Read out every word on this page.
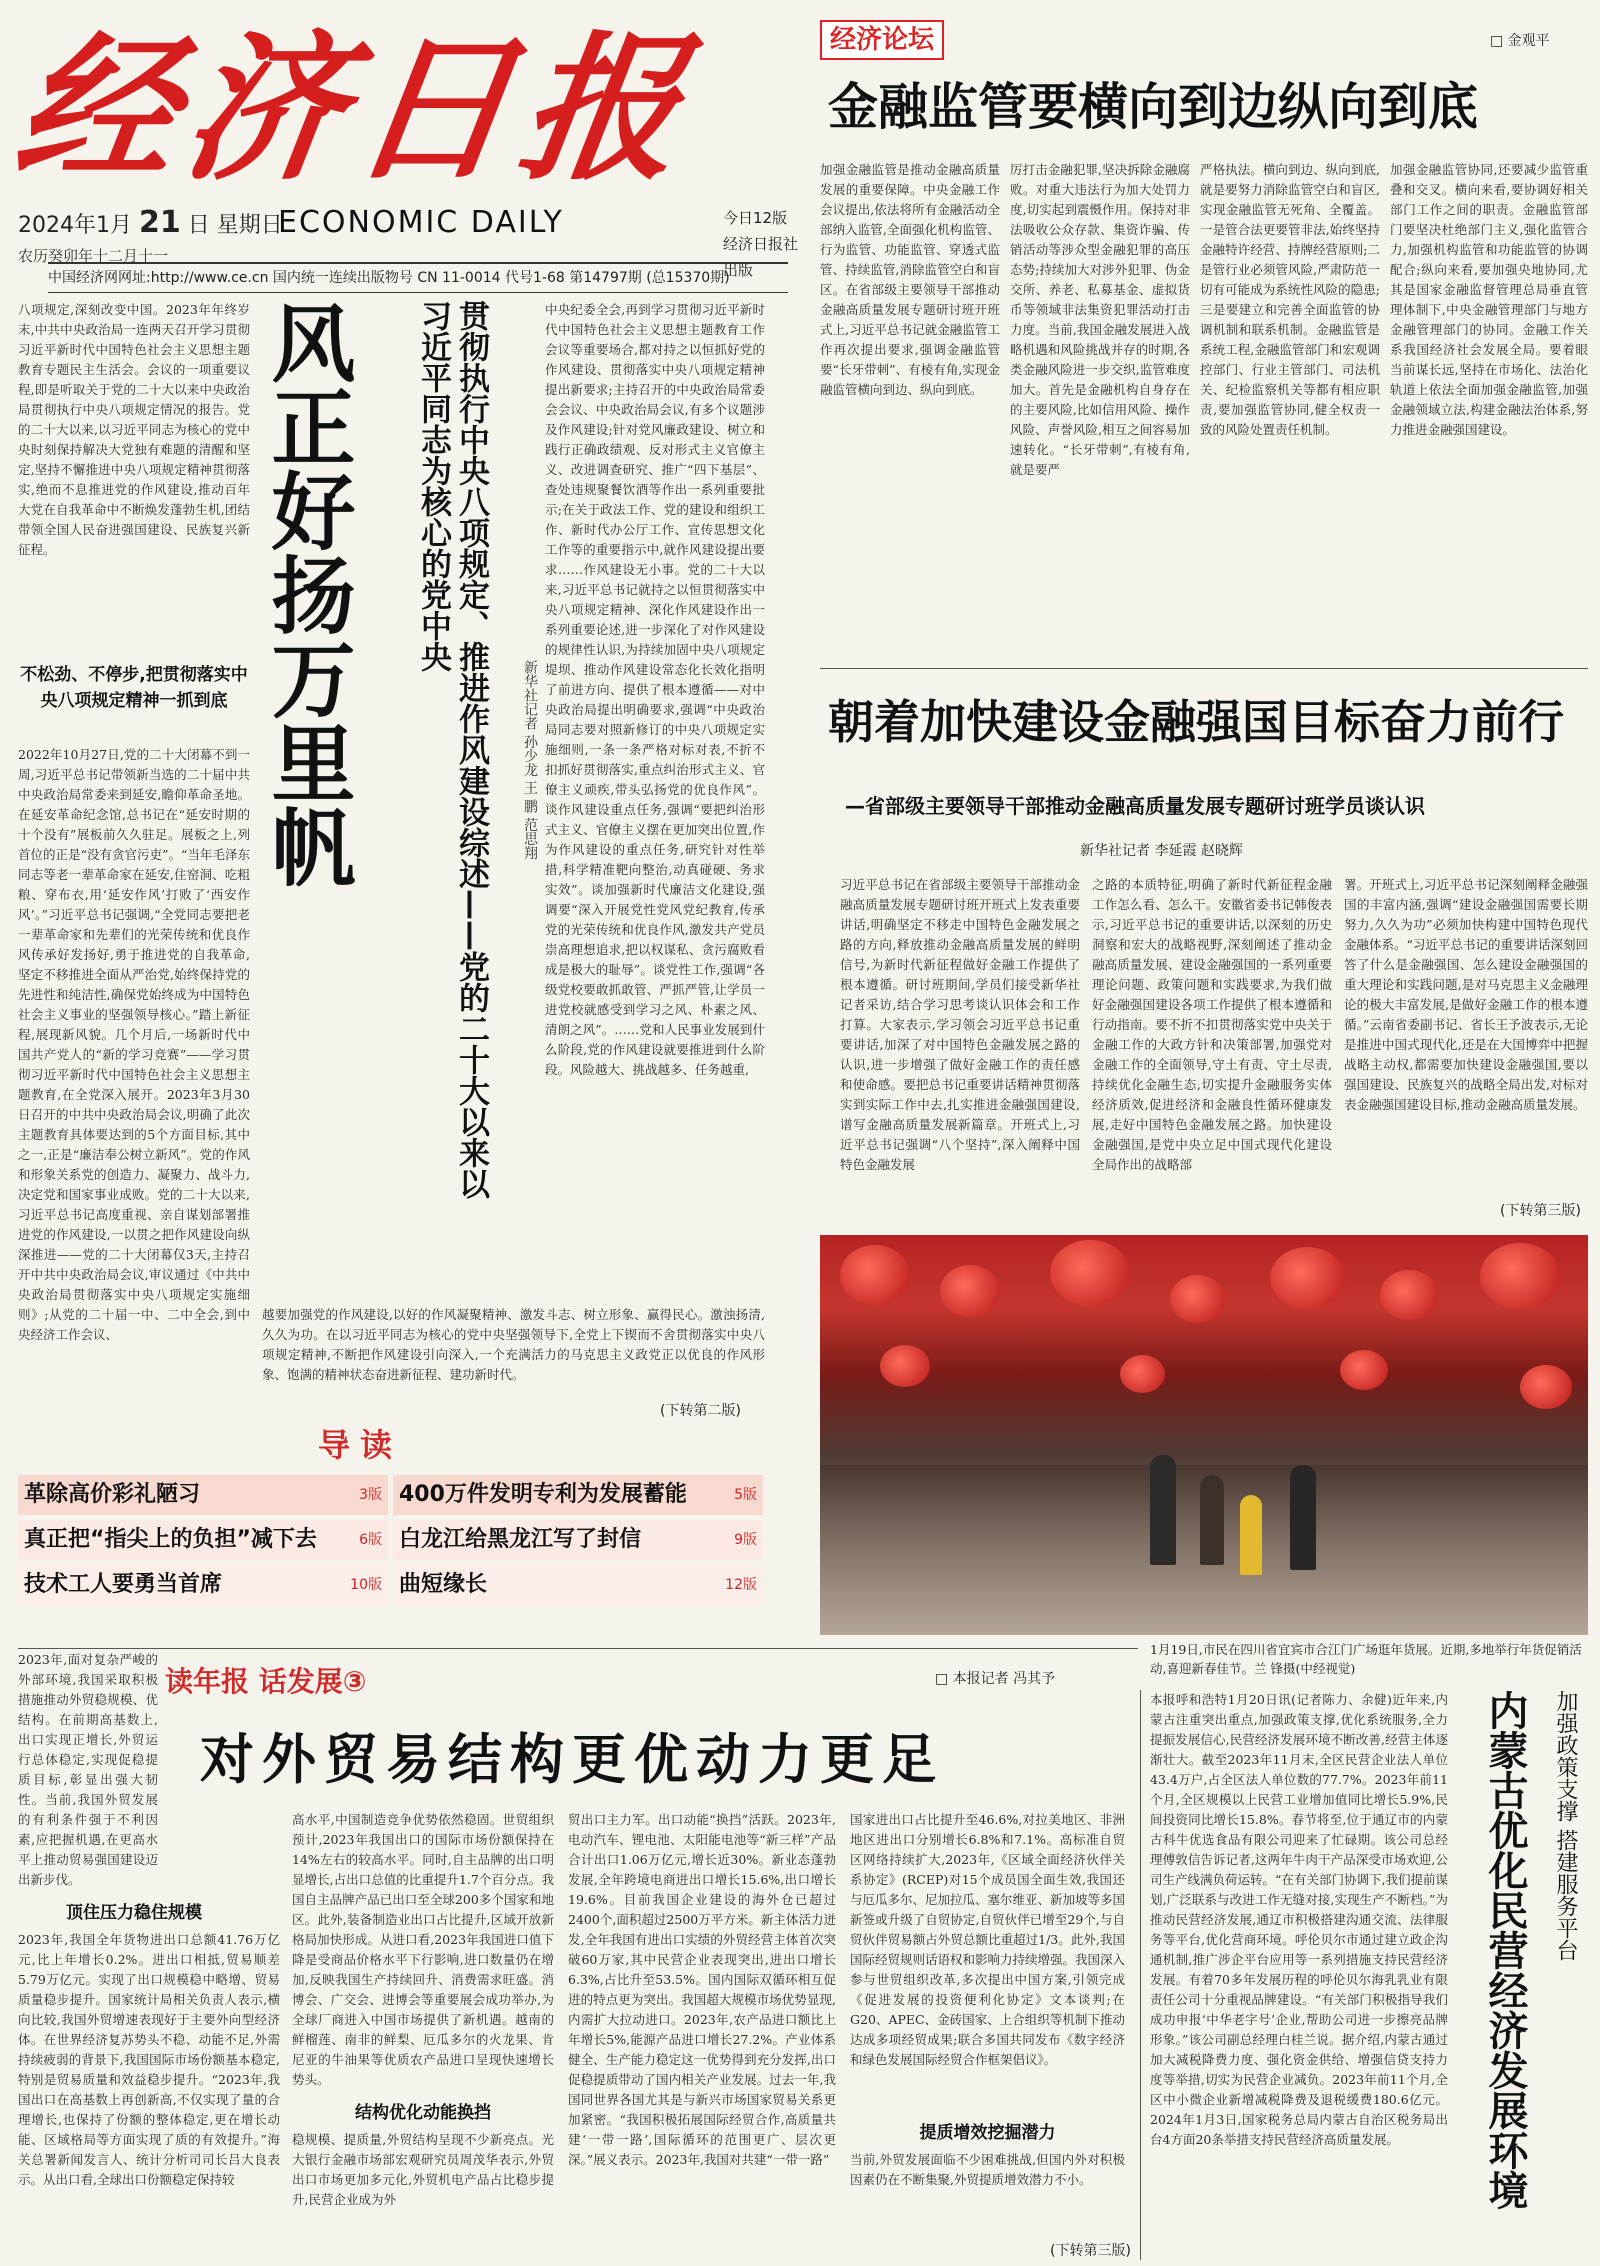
经济日报
2024年1月 21 日 星期日
农历癸卯年十二月十一
ECONOMIC DAILY	今日12版
经济日报社出版
中国经济网网址:http://www.ce.cn 国内统一连续出版物号 CN 11-0014 代号1-68 第14797期 (总15370期)
八项规定,深刻改变中国。2023年年终岁末,中共中央政治局一连两天召开学习贯彻习近平新时代中国特色社会主义思想主题教育专题民主生活会。会议的一项重要议程,即是听取关于党的二十大以来中央政治局贯彻执行中央八项规定情况的报告。党的二十大以来,以习近平同志为核心的党中央时刻保持解决大党独有难题的清醒和坚定,坚持不懈推进中央八项规定精神贯彻落实,绝而不息推进党的作风建设,推动百年大党在自我革命中不断焕发蓬勃生机,团结带领全国人民奋进强国建设、民族复兴新征程。
不松劲、不停步,把贯彻落实中央八项规定精神一抓到底
2022年10月27日,党的二十大闭幕不到一周,习近平总书记带领新当选的二十届中共中央政治局常委来到延安,瞻仰革命圣地。在延安革命纪念馆,总书记在“延安时期的十个没有”展板前久久驻足。展板之上,列首位的正是“没有贪官污吏”。“当年毛泽东同志等老一辈革命家在延安,住窑洞、吃粗粮、穿布衣,用‘延安作风’打败了‘西安作风’。”习近平总书记强调,“全党同志要把老一辈革命家和先辈们的光荣传统和优良作风传承好发扬好,勇于推进党的自我革命,坚定不移推进全面从严治党,始终保持党的先进性和纯洁性,确保党始终成为中国特色社会主义事业的坚强领导核心。”踏上新征程,展现新风貌。几个月后,一场新时代中国共产党人的“新的学习竞赛”——学习贯彻习近平新时代中国特色社会主义思想主题教育,在全党深入展开。2023年3月30日召开的中共中央政治局会议,明确了此次主题教育具体要达到的5个方面目标,其中之一,正是“廉洁奉公树立新风”。党的作风和形象关系党的创造力、凝聚力、战斗力,决定党和国家事业成败。党的二十大以来,习近平总书记高度重视、亲自谋划部署推进党的作风建设,一以贯之把作风建设向纵深推进——党的二十大闭幕仅3天,主持召开中共中央政治局会议,审议通过《中共中央政治局贯彻落实中央八项规定实施细则》;从党的二十届一中、二中全会,到中央经济工作会议、
风正好扬万里帆	贯彻执行中央八项规定、推进作风建设综述——党的二十大以来以习近平同志为核心的党中央
新华社记者 孙少龙 王 鹏 范思翔
中央纪委全会,再到学习贯彻习近平新时代中国特色社会主义思想主题教育工作会议等重要场合,都对持之以恒抓好党的作风建设、贯彻落实中央八项规定精神提出新要求;主持召开的中央政治局常委会会议、中央政治局会议,有多个议题涉及作风建设;针对党风廉政建设、树立和践行正确政绩观、反对形式主义官僚主义、改进调查研究、推广“四下基层”、查处违规聚餐饮酒等作出一系列重要批示;在关于政法工作、党的建设和组织工作、新时代办公厅工作、宣传思想文化工作等的重要指示中,就作风建设提出要求……作风建设无小事。党的二十大以来,习近平总书记就持之以恒贯彻落实中央八项规定精神、深化作风建设作出一系列重要论述,进一步深化了对作风建设的规律性认识,为持续加固中央八项规定堤坝、推动作风建设常态化长效化指明了前进方向、提供了根本遵循——对中央政治局提出明确要求,强调“中央政治局同志要对照新修订的中央八项规定实施细则,一条一条严格对标对表,不折不扣抓好贯彻落实,重点纠治形式主义、官僚主义顽疾,带头弘扬党的优良作风”。谈作风建设重点任务,强调“要把纠治形式主义、官僚主义摆在更加突出位置,作为作风建设的重点任务,研究针对性举措,科学精准靶向整治,动真碰硬、务求实效”。谈加强新时代廉洁文化建设,强调要“深入开展党性党风党纪教育,传承党的光荣传统和优良作风,激发共产党员崇高理想追求,把以权谋私、贪污腐败看成是极大的耻辱”。谈党性工作,强调“各级党校要敢抓敢管、严抓严管,让学员一进党校就感受到学习之风、朴素之风、清朗之风”。……党和人民事业发展到什么阶段,党的作风建设就要推进到什么阶段。风险越大、挑战越多、任务越重,
越要加强党的作风建设,以好的作风凝聚精神、激发斗志、树立形象、赢得民心。激浊扬清,久久为功。在以习近平同志为核心的党中央坚强领导下,全党上下锲而不舍贯彻落实中央八项规定精神,不断把作风建设引向深入,一个充满活力的马克思主义政党正以优良的作风形象、饱满的精神状态奋进新征程、建功新时代。
(下转第二版)
导读
革除高价彩礼陋习	3版 400万件发明专利为发展蓄能	5版
真正把“指尖上的负担”减下去	6版 白龙江给黑龙江写了封信	9版
技术工人要勇当首席	10版 曲短缘长	12版
经济论坛	□ 金观平
金融监管要横向到边纵向到底
加强金融监管是推动金融高质量发展的重要保障。中央金融工作会议提出,依法将所有金融活动全部纳入监管,全面强化机构监管、行为监管、功能监管、穿透式监管、持续监管,消除监管空白和盲区。在省部级主要领导干部推动金融高质量发展专题研讨班开班式上,习近平总书记就金融监管工作再次提出要求,强调金融监管要“长牙带刺”、有棱有角,实现金融监管横向到边、纵向到底。
厉打击金融犯罪,坚决拆除金融腐败。对重大违法行为加大处罚力度,切实起到震慑作用。保持对非法吸收公众存款、集资诈骗、传销活动等涉众型金融犯罪的高压态势;持续加大对涉外犯罪、伪金交所、养老、私募基金、虚拟货币等领域非法集资犯罪活动打击力度。当前,我国金融发展进入战略机遇和风险挑战并存的时期,各类金融风险进一步交织,监管难度加大。首先是金融机构自身存在的主要风险,比如信用风险、操作风险、声誉风险,相互之间容易加速转化。“长牙带刺”,有棱有角,就是要严
严格执法。横向到边、纵向到底,就是要努力消除监管空白和盲区,实现金融监管无死角、全覆盖。一是管合法更要管非法,始终坚持金融特许经营、持牌经营原则;二是管行业必须管风险,严肃防范一切有可能成为系统性风险的隐患;三是要建立和完善全面监管的协调机制和联系机制。金融监管是系统工程,金融监管部门和宏观调控部门、行业主管部门、司法机关、纪检监察机关等都有相应职责,要加强监管协同,健全权责一致的风险处置责任机制。
加强金融监管协同,还要减少监管重叠和交叉。横向来看,要协调好相关部门工作之间的职责。金融监管部门要坚决杜绝部门主义,强化监管合力,加强机构监管和功能监管的协调配合;纵向来看,要加强央地协同,尤其是国家金融监督管理总局垂直管理体制下,中央金融管理部门与地方金融管理部门的协同。金融工作关系我国经济社会发展全局。要着眼当前谋长远,坚持在市场化、法治化轨道上依法全面加强金融监管,加强金融领域立法,构建金融法治体系,努力推进金融强国建设。
朝着加快建设金融强国目标奋力前行
—省部级主要领导干部推动金融高质量发展专题研讨班学员谈认识
新华社记者 李延霞 赵晓辉
习近平总书记在省部级主要领导干部推动金融高质量发展专题研讨班开班式上发表重要讲话,明确坚定不移走中国特色金融发展之路的方向,释放推动金融高质量发展的鲜明信号,为新时代新征程做好金融工作提供了根本遵循。研讨班期间,学员们接受新华社记者采访,结合学习思考谈认识体会和工作打算。大家表示,学习领会习近平总书记重要讲话,加深了对中国特色金融发展之路的认识,进一步增强了做好金融工作的责任感和使命感。要把总书记重要讲话精神贯彻落实到实际工作中去,扎实推进金融强国建设,谱写金融高质量发展新篇章。开班式上,习近平总书记强调“八个坚持”,深入阐释中国特色金融发展
之路的本质特征,明确了新时代新征程金融工作怎么看、怎么干。安徽省委书记韩俊表示,习近平总书记的重要讲话,以深刻的历史洞察和宏大的战略视野,深刻阐述了推动金融高质量发展、建设金融强国的一系列重要理论问题、政策问题和实践要求,为我们做好金融强国建设各项工作提供了根本遵循和行动指南。要不折不扣贯彻落实党中央关于金融工作的大政方针和决策部署,加强党对金融工作的全面领导,守土有责、守土尽责,持续优化金融生态,切实提升金融服务实体经济质效,促进经济和金融良性循环健康发展,走好中国特色金融发展之路。加快建设金融强国,是党中央立足中国式现代化建设全局作出的战略部
署。开班式上,习近平总书记深刻阐释金融强国的丰富内涵,强调“建设金融强国需要长期努力,久久为功”必须加快构建中国特色现代金融体系。“习近平总书记的重要讲话深刻回答了什么是金融强国、怎么建设金融强国的重大理论和实践问题,是对马克思主义金融理论的极大丰富发展,是做好金融工作的根本遵循。”云南省委副书记、省长王予波表示,无论是推进中国式现代化,还是在大国博弈中把握战略主动权,都需要加快建设金融强国,要以强国建设、民族复兴的战略全局出发,对标对表金融强国建设目标,推动金融高质量发展。
(下转第三版)
1月19日,市民在四川省宜宾市合江门广场逛年货展。近期,多地举行年货促销活动,喜迎新春佳节。兰 锋摄(中经视觉)
读年报 话发展③	□ 本报记者 冯其予
对外贸易结构更优动力更足
2023年,面对复杂严峻的外部环境,我国采取积极措施推动外贸稳规模、优结构。在前期高基数上,出口实现正增长,外贸运行总体稳定,实现促稳提质目标,彰显出强大韧性。当前,我国外贸发展的有利条件强于不利因素,应把握机遇,在更高水平上推动贸易强国建设迈出新步伐。
顶住压力稳住规模
2023年,我国全年货物进出口总额41.76万亿元,比上年增长0.2%。进出口相抵,贸易顺差5.79万亿元。实现了出口规模稳中略增、贸易质量稳步提升。国家统计局相关负责人表示,横向比较,我国外贸增速表现好于主要外向型经济体。在世界经济复苏势头不稳、动能不足,外需持续疲弱的背景下,我国国际市场份额基本稳定,特别是贸易质量和效益稳步提升。“2023年,我国出口在高基数上再创新高,不仅实现了量的合理增长,也保持了份额的整体稳定,更在增长动能、区域格局等方面实现了质的有效提升。”海关总署新闻发言人、统计分析司司长吕大良表示。从出口看,全球出口份额稳定保持较
高水平,中国制造竞争优势依然稳固。世贸组织预计,2023年我国出口的国际市场份额保持在14%左右的较高水平。同时,自主品牌的出口明显增长,占出口总值的比重提升1.7个百分点。我国自主品牌产品已出口至全球200多个国家和地区。此外,装备制造业出口占比提升,区域开放新格局加快形成。从进口看,2023年我国进口值下降是受商品价格水平下行影响,进口数量仍在增加,反映我国生产持续回升、消费需求旺盛。消博会、广交会、进博会等重要展会成功举办,为全球厂商进入中国市场提供了新机遇。越南的鲜榴莲、南非的鲜梨、厄瓜多尔的火龙果、肯尼亚的牛油果等优质农产品进口呈现快速增长势头。
结构优化动能换挡
稳规模、提质量,外贸结构呈现不少新亮点。光大银行金融市场部宏观研究员周茂华表示,外贸出口市场更加多元化,外贸机电产品占比稳步提升,民营企业成为外
贸出口主力军。出口动能“换挡”活跃。2023年,电动汽车、锂电池、太阳能电池等“新三样”产品合计出口1.06万亿元,增长近30%。新业态蓬勃发展,全年跨境电商进出口增长15.6%,出口增长19.6%。目前我国企业建设的海外仓已超过2400个,面积超过2500万平方米。新主体活力迸发,全年我国有进出口实绩的外贸经营主体首次突破60万家,其中民营企业表现突出,进出口增长6.3%,占比升至53.5%。国内国际双循环相互促进的特点更为突出。我国超大规模市场优势显现,内需扩大拉动进口。2023年,农产品进口额比上年增长5%,能源产品进口增长27.2%。产业体系健全、生产能力稳定这一优势得到充分发挥,出口促稳提质带动了国内相关产业发展。过去一年,我国同世界各国尤其是与新兴市场国家贸易关系更加紧密。“我国积极拓展国际经贸合作,高质量共建‘一带一路’,国际循环的范围更广、层次更深。”展义表示。2023年,我国对共建“一带一路”
国家进出口占比提升至46.6%,对拉美地区、非洲地区进出口分别增长6.8%和7.1%。高标准自贸区网络持续扩大,2023年,《区域全面经济伙伴关系协定》(RCEP)对15个成员国全面生效,我国还与厄瓜多尔、尼加拉瓜、塞尔维亚、新加坡等多国新签或升级了自贸协定,自贸伙伴已增至29个,与自贸伙伴贸易额占外贸总额比重超过1/3。此外,我国国际经贸规则话语权和影响力持续增强。我国深入参与世贸组织改革,多次提出中国方案,引领完成《促进发展的投资便利化协定》文本谈判;在G20、APEC、金砖国家、上合组织等机制下推动达成多项经贸成果;联合多国共同发布《数字经济和绿色发展国际经贸合作框架倡议》。
提质增效挖掘潜力
当前,外贸发展面临不少困难挑战,但国内外对积极因素仍在不断集聚,外贸提质增效潜力不小。
(下转第三版)
本报呼和浩特1月20日讯(记者陈力、余健)近年来,内蒙古注重突出重点,加强政策支撑,优化系统服务,全力提振发展信心,民营经济发展环境不断改善,经营主体逐渐壮大。截至2023年11月末,全区民营企业法人单位43.4万户,占全区法人单位数的77.7%。2023年前11个月,全区规模以上民营工业增加值同比增长5.9%,民间投资同比增长15.8%。春节将至,位于通辽市的内蒙古科牛优选食品有限公司迎来了忙碌期。该公司总经理傅敦信告诉记者,这两年牛肉干产品深受市场欢迎,公司生产线满负荷运转。“在有关部门协调下,我们提前谋划,广泛联系与改进工作无缝对接,实现生产不断档。”为推动民营经济发展,通辽市积极搭建沟通交流、法律服务等平台,优化营商环境。呼伦贝尔市通过建立政企沟通机制,推广涉企平台应用等一系列措施支持民营经济发展。有着70多年发展历程的呼伦贝尔海乳乳业有限责任公司十分重视品牌建设。“有关部门积极指导我们成功申报‘中华老字号’企业,帮助公司进一步擦亮品牌形象。”该公司副总经理白桂兰说。据介绍,内蒙古通过加大减税降费力度、强化资金供给、增强信贷支持力度等举措,切实为民营企业减负。2023年前11个月,全区中小微企业新增减税降费及退税缓费180.6亿元。2024年1月3日,国家税务总局内蒙古自治区税务局出台4方面20条举措支持民营经济高质量发展。	内蒙古优化民营经济发展环境	加强政策支撑 搭建服务平台
